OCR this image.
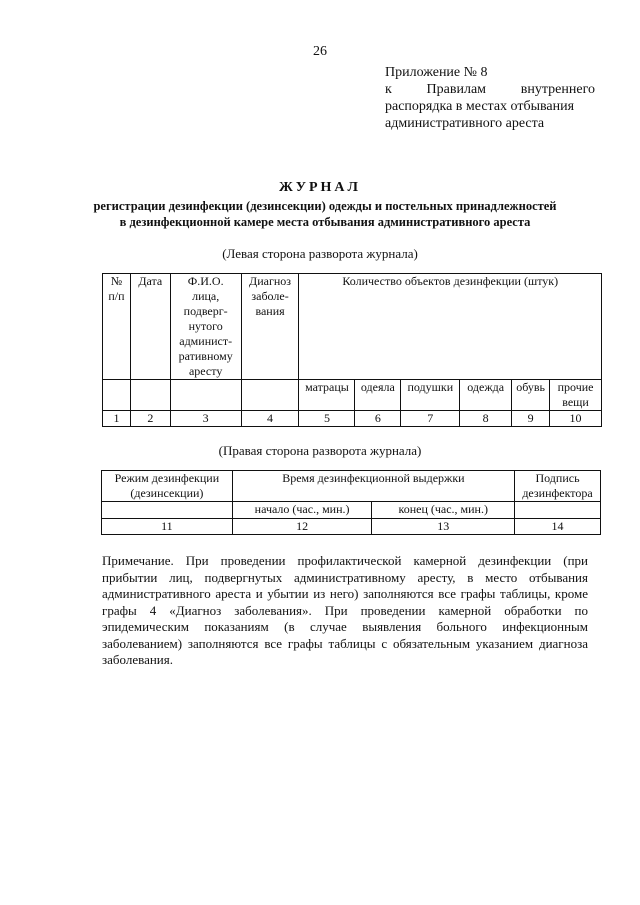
26
Приложение № 8
к Правилам внутреннего
распорядка в местах отбывания
административного ареста
ЖУРНАЛ
регистрации дезинфекции (дезинсекции) одежды и постельных принадлежностей
в дезинфекционной камере места отбывания административного ареста
(Левая сторона разворота журнала)
№ п/п	Дата	Ф.И.О. лица, подверг-нутого админист-ративному аресту	Диагноз заболе-вания	Количество объектов дезинфекции (штук)					
				матрацы	одеяла	подушки	одежда	обувь	прочие вещи
1	2	3	4	5	6	7	8	9	10
(Правая сторона разворота журнала)
Режим дезинфекции (дезинсекции)	Время дезинфекционной выдержки		Подпись дезинфектора
	начало (час., мин.)	конец (час., мин.)	
11	12	13	14
Примечание. При проведении профилактической камерной дезинфекции (при прибытии лиц, подвергнутых административному аресту, в место отбывания административного ареста и убытии из него) заполняются все графы таблицы, кроме графы 4 «Диагноз заболевания». При проведении камерной обработки по эпидемическим показаниям (в случае выявления больного инфекционным заболеванием) заполняются все графы таблицы с обязательным указанием диагноза заболевания.
